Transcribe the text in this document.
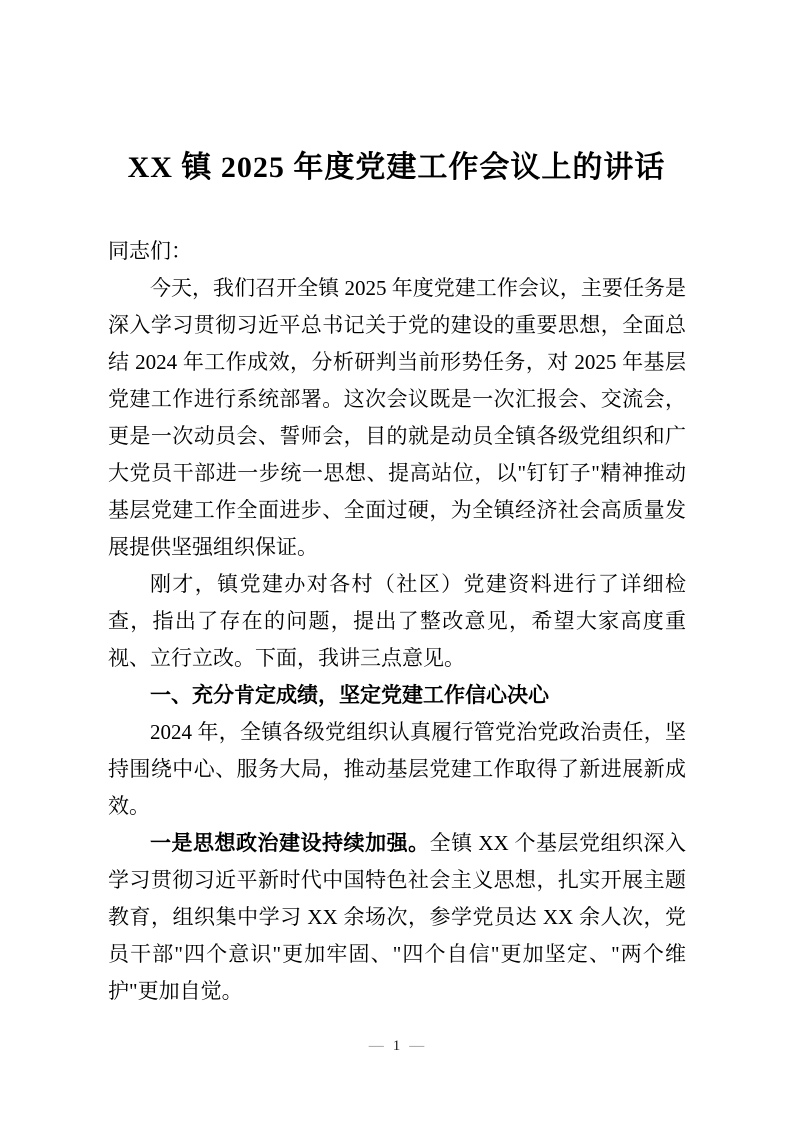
XX 镇 2025 年度党建工作会议上的讲话

同志们：

今天，我们召开全镇 2025 年度党建工作会议，主要任务是深入学习贯彻习近平总书记关于党的建设的重要思想，全面总结 2024 年工作成效，分析研判当前形势任务，对 2025 年基层党建工作进行系统部署。这次会议既是一次汇报会、交流会，更是一次动员会、誓师会，目的就是动员全镇各级党组织和广大党员干部进一步统一思想、提高站位，以"钉钉子"精神推动基层党建工作全面进步、全面过硬，为全镇经济社会高质量发展提供坚强组织保证。

刚才，镇党建办对各村（社区）党建资料进行了详细检查，指出了存在的问题，提出了整改意见，希望大家高度重视、立行立改。下面，我讲三点意见。

一、充分肯定成绩，坚定党建工作信心决心

2024 年，全镇各级党组织认真履行管党治党政治责任，坚持围绕中心、服务大局，推动基层党建工作取得了新进展新成效。

一是思想政治建设持续加强。全镇 XX 个基层党组织深入学习贯彻习近平新时代中国特色社会主义思想，扎实开展主题教育，组织集中学习 XX 余场次，参学党员达 XX 余人次，党员干部"四个意识"更加牢固、"四个自信"更加坚定、"两个维护"更加自觉。

— 1 —
